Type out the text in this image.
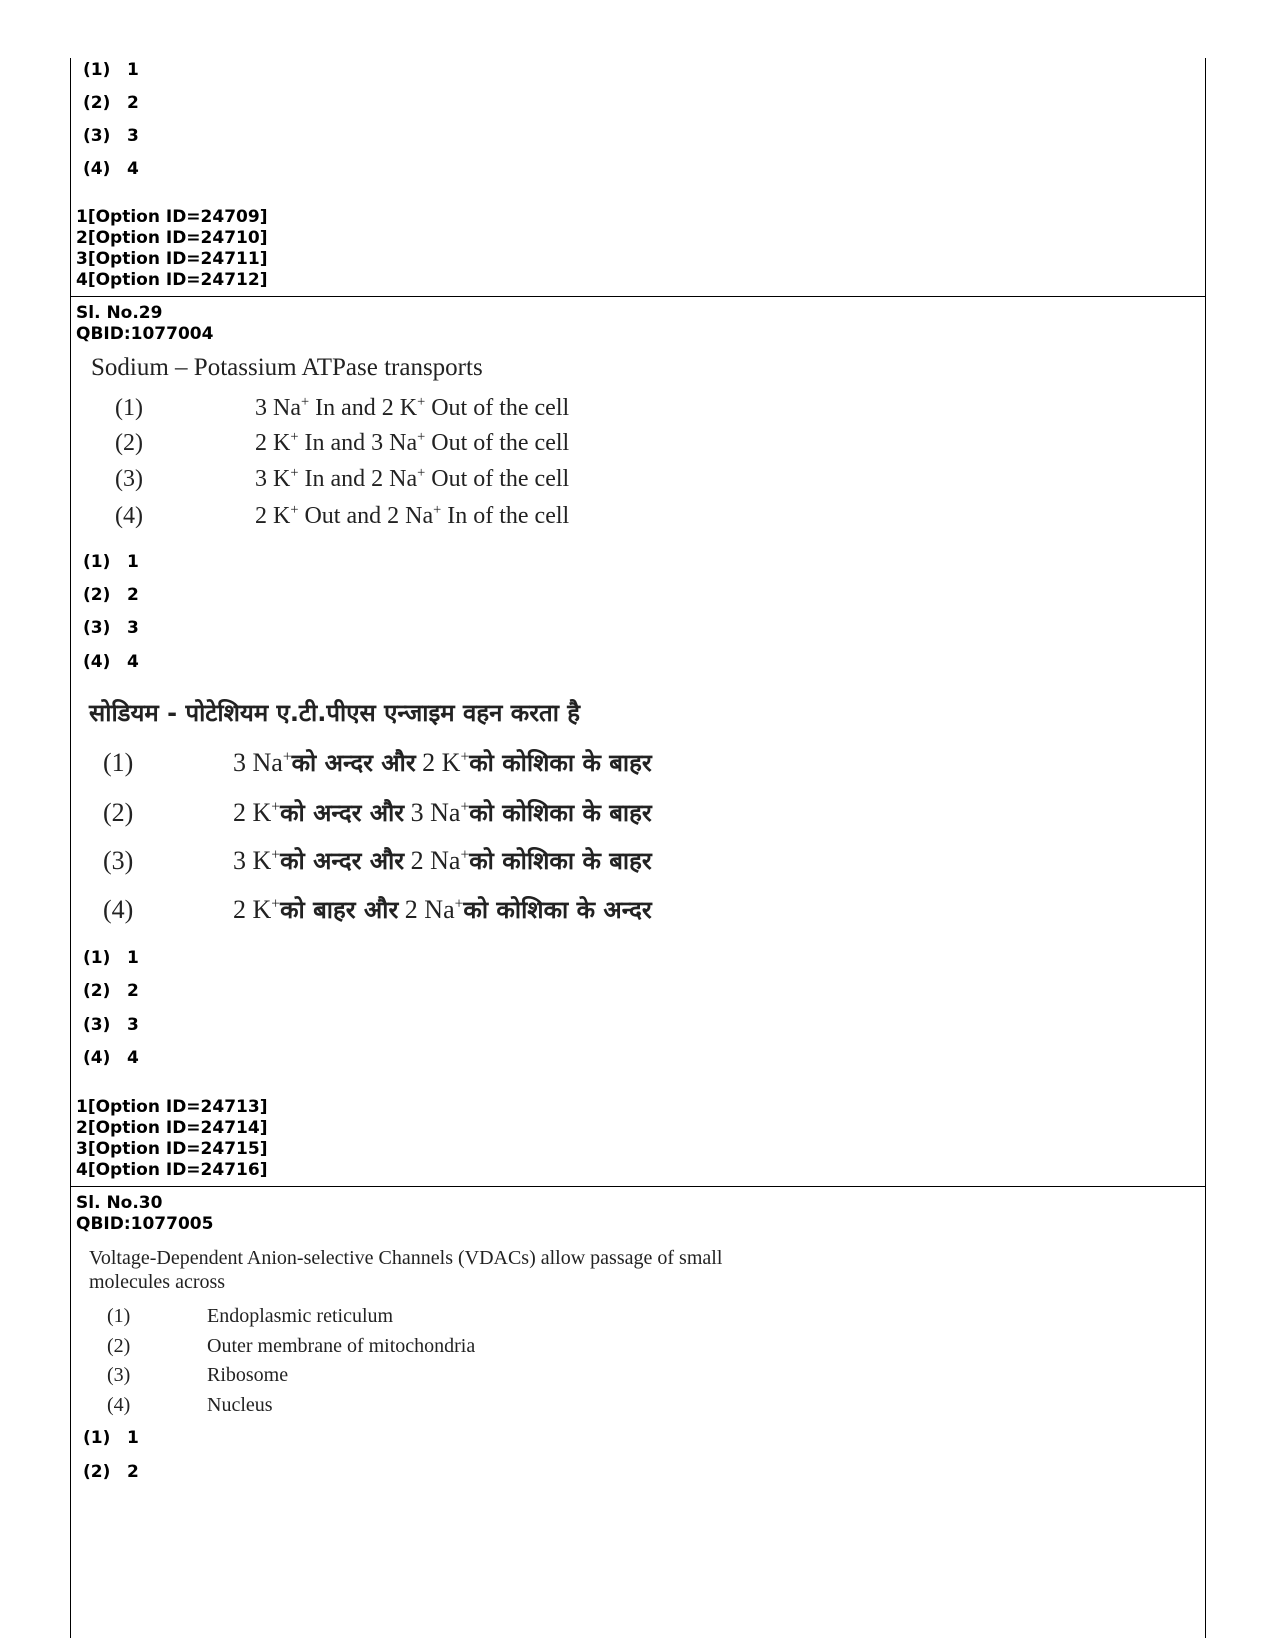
(1) 1
(2) 2
(3) 3
(4) 4
1[Option ID=24709]
2[Option ID=24710]
3[Option ID=24711]
4[Option ID=24712]
Sl. No.29
QBID:1077004
Sodium – Potassium ATPase transports
(1)	3 Na+ In and 2 K+ Out of the cell
(2)	2 K+ In and 3 Na+ Out of the cell
(3)	3 K+ In and 2 Na+ Out of the cell
(4)	2 K+ Out and 2 Na+ In of the cell
(1) 1
(2) 2
(3) 3
(4) 4
सोडियम - पोटेशियम ए.टी.पीएस एन्जाइम वहन करता है
(1)	3 Na+को अन्दर और 2 K+को कोशिका के बाहर
(2)	2 K+को अन्दर और 3 Na+को कोशिका के बाहर
(3)	3 K+को अन्दर और 2 Na+को कोशिका के बाहर
(4)	2 K+को बाहर और 2 Na+को कोशिका के अन्दर
(1) 1
(2) 2
(3) 3
(4) 4
1[Option ID=24713]
2[Option ID=24714]
3[Option ID=24715]
4[Option ID=24716]
Sl. No.30
QBID:1077005
Voltage-Dependent Anion-selective Channels (VDACs) allow passage of small
molecules across
(1)	Endoplasmic reticulum
(2)	Outer membrane of mitochondria
(3)	Ribosome
(4)	Nucleus
(1) 1
(2) 2
